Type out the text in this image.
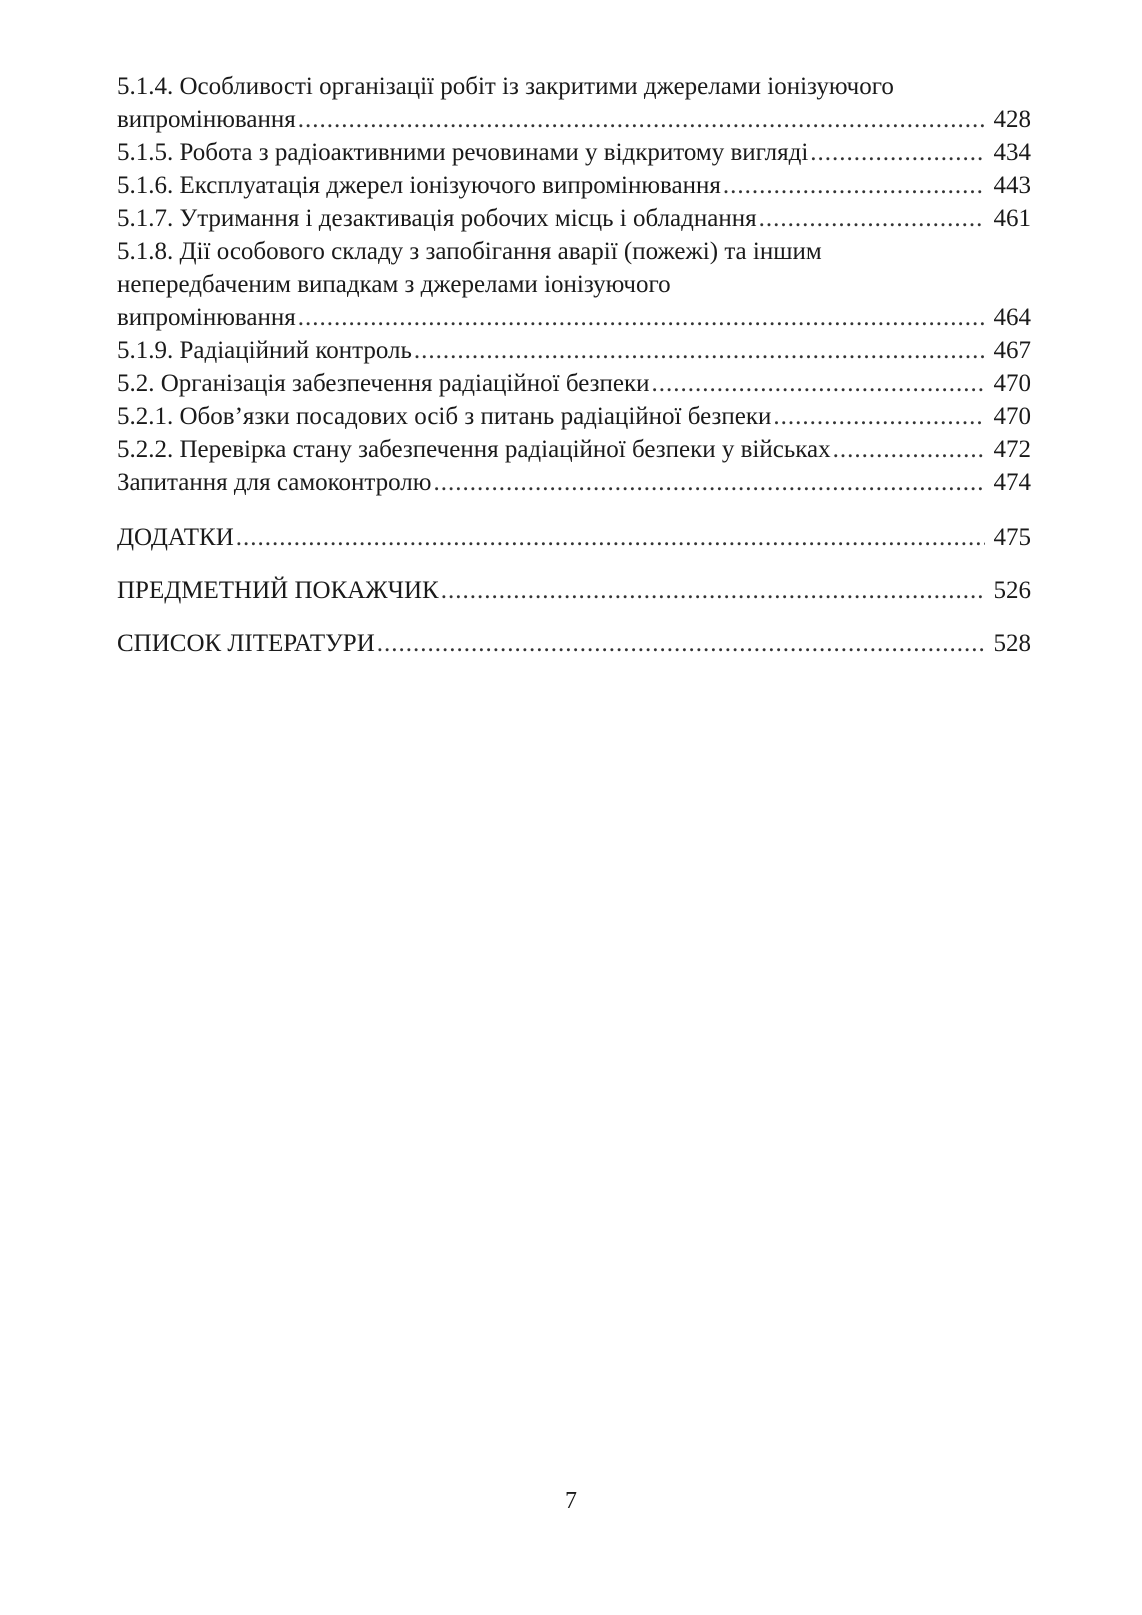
5.1.4. Особливості організації робіт із закритими джерелами іонізуючого
випромінювання .....	428
5.1.5. Робота з радіоактивними речовинами у відкритому вигляді .....	434
5.1.6. Експлуатація джерел іонізуючого випромінювання .....	443
5.1.7. Утримання і дезактивація робочих місць і обладнання .....	461
5.1.8. Дії особового складу з запобігання аварії (пожежі) та іншим
непередбаченим випадкам з джерелами іонізуючого
випромінювання .....	464
5.1.9. Радіаційний контроль .....	467
5.2. Організація забезпечення радіаційної безпеки .....	470
5.2.1. Обов’язки посадових осіб з питань радіаційної безпеки .....	470
5.2.2. Перевірка стану забезпечення радіаційної безпеки у військах .....	472
Запитання для самоконтролю .....	474
ДОДАТКИ .....	475
ПРЕДМЕТНИЙ ПОКАЖЧИК .....	526
СПИСОК ЛІТЕРАТУРИ .....	528
7
